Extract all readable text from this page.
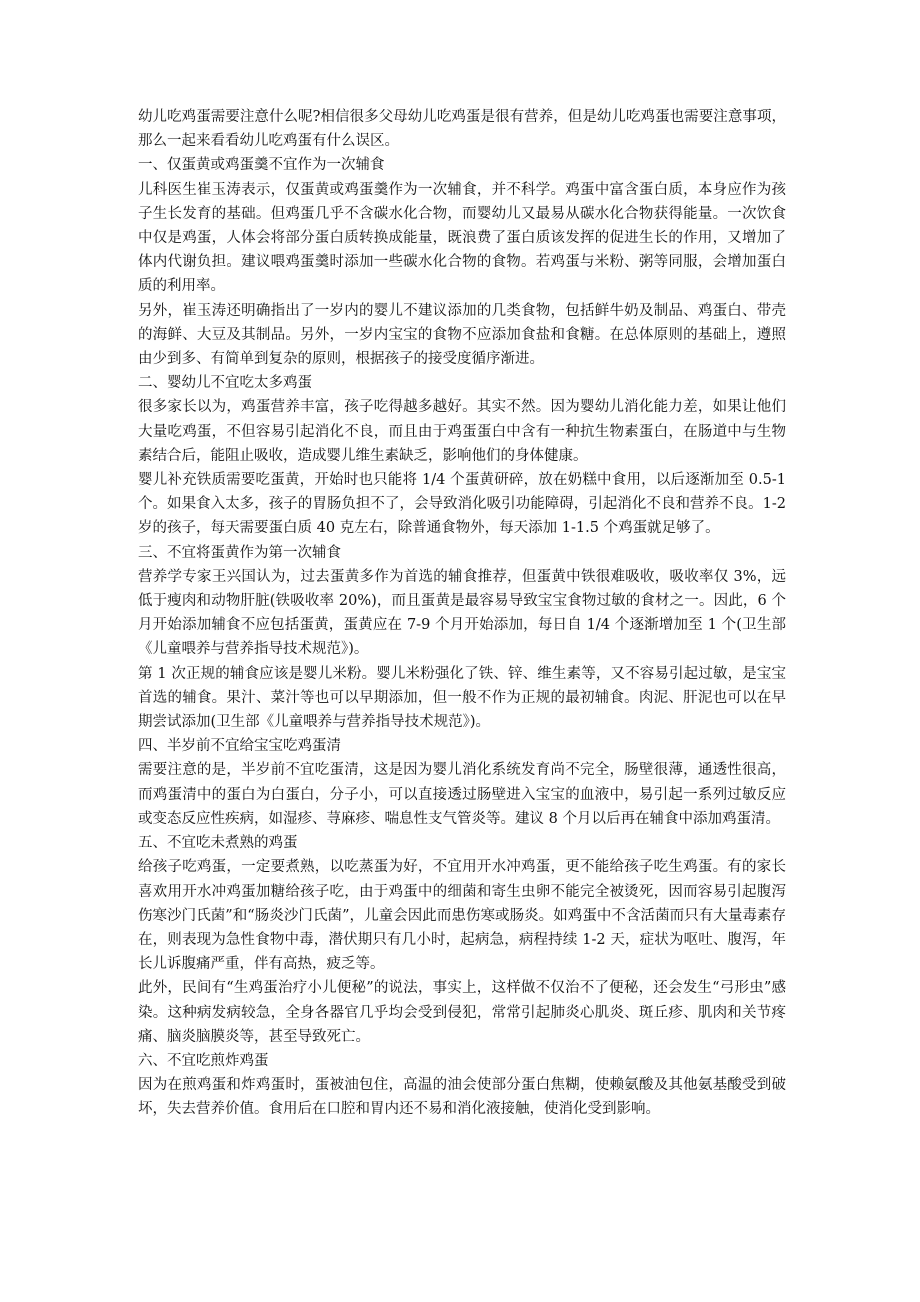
幼儿吃鸡蛋需要注意什么呢?相信很多父母幼儿吃鸡蛋是很有营养，但是幼儿吃鸡蛋也需要注意事项，那么一起来看看幼儿吃鸡蛋有什么误区。

一、仅蛋黄或鸡蛋羹不宜作为一次辅食

儿科医生崔玉涛表示，仅蛋黄或鸡蛋羹作为一次辅食，并不科学。鸡蛋中富含蛋白质，本身应作为孩子生长发育的基础。但鸡蛋几乎不含碳水化合物，而婴幼儿又最易从碳水化合物获得能量。一次饮食中仅是鸡蛋，人体会将部分蛋白质转换成能量，既浪费了蛋白质该发挥的促进生长的作用，又增加了体内代谢负担。建议喂鸡蛋羹时添加一些碳水化合物的食物。若鸡蛋与米粉、粥等同服，会增加蛋白质的利用率。

另外，崔玉涛还明确指出了一岁内的婴儿不建议添加的几类食物，包括鲜牛奶及制品、鸡蛋白、带壳的海鲜、大豆及其制品。另外，一岁内宝宝的食物不应添加食盐和食糖。在总体原则的基础上，遵照由少到多、有简单到复杂的原则，根据孩子的接受度循序渐进。

二、婴幼儿不宜吃太多鸡蛋

很多家长以为，鸡蛋营养丰富，孩子吃得越多越好。其实不然。因为婴幼儿消化能力差，如果让他们大量吃鸡蛋，不但容易引起消化不良，而且由于鸡蛋蛋白中含有一种抗生物素蛋白，在肠道中与生物素结合后，能阻止吸收，造成婴儿维生素缺乏，影响他们的身体健康。

婴儿补充铁质需要吃蛋黄，开始时也只能将 1/4 个蛋黄研碎，放在奶糕中食用，以后逐渐加至 0.5-1 个。如果食入太多，孩子的胃肠负担不了，会导致消化吸引功能障碍，引起消化不良和营养不良。1-2 岁的孩子，每天需要蛋白质 40 克左右，除普通食物外，每天添加 1-1.5 个鸡蛋就足够了。

三、不宜将蛋黄作为第一次辅食

营养学专家王兴国认为，过去蛋黄多作为首选的辅食推荐，但蛋黄中铁很难吸收，吸收率仅 3%，远低于瘦肉和动物肝脏(铁吸收率 20%)，而且蛋黄是最容易导致宝宝食物过敏的食材之一。因此，6 个月开始添加辅食不应包括蛋黄，蛋黄应在 7-9 个月开始添加，每日自 1/4 个逐渐增加至 1 个(卫生部《儿童喂养与营养指导技术规范》)。

第 1 次正规的辅食应该是婴儿米粉。婴儿米粉强化了铁、锌、维生素等，又不容易引起过敏，是宝宝首选的辅食。果汁、菜汁等也可以早期添加，但一般不作为正规的最初辅食。肉泥、肝泥也可以在早期尝试添加(卫生部《儿童喂养与营养指导技术规范》)。

四、半岁前不宜给宝宝吃鸡蛋清

需要注意的是，半岁前不宜吃蛋清，这是因为婴儿消化系统发育尚不完全，肠壁很薄，通透性很高，而鸡蛋清中的蛋白为白蛋白，分子小，可以直接透过肠壁进入宝宝的血液中，易引起一系列过敏反应或变态反应性疾病，如湿疹、荨麻疹、喘息性支气管炎等。建议 8 个月以后再在辅食中添加鸡蛋清。

五、不宜吃未煮熟的鸡蛋

给孩子吃鸡蛋，一定要煮熟，以吃蒸蛋为好，不宜用开水冲鸡蛋，更不能给孩子吃生鸡蛋。有的家长喜欢用开水冲鸡蛋加糖给孩子吃，由于鸡蛋中的细菌和寄生虫卵不能完全被烫死，因而容易引起腹泻伤寒沙门氏菌”和“肠炎沙门氏菌”，儿童会因此而患伤寒或肠炎。如鸡蛋中不含活菌而只有大量毒素存在，则表现为急性食物中毒，潜伏期只有几小时，起病急，病程持续 1-2 天，症状为呕吐、腹泻，年长儿诉腹痛严重，伴有高热，疲乏等。

此外，民间有“生鸡蛋治疗小儿便秘”的说法，事实上，这样做不仅治不了便秘，还会发生“弓形虫”感染。这种病发病较急，全身各器官几乎均会受到侵犯，常常引起肺炎心肌炎、斑丘疹、肌肉和关节疼痛、脑炎脑膜炎等，甚至导致死亡。

六、不宜吃煎炸鸡蛋

因为在煎鸡蛋和炸鸡蛋时，蛋被油包住，高温的油会使部分蛋白焦糊，使赖氨酸及其他氨基酸受到破坏，失去营养价值。食用后在口腔和胃内还不易和消化液接触，使消化受到影响。
